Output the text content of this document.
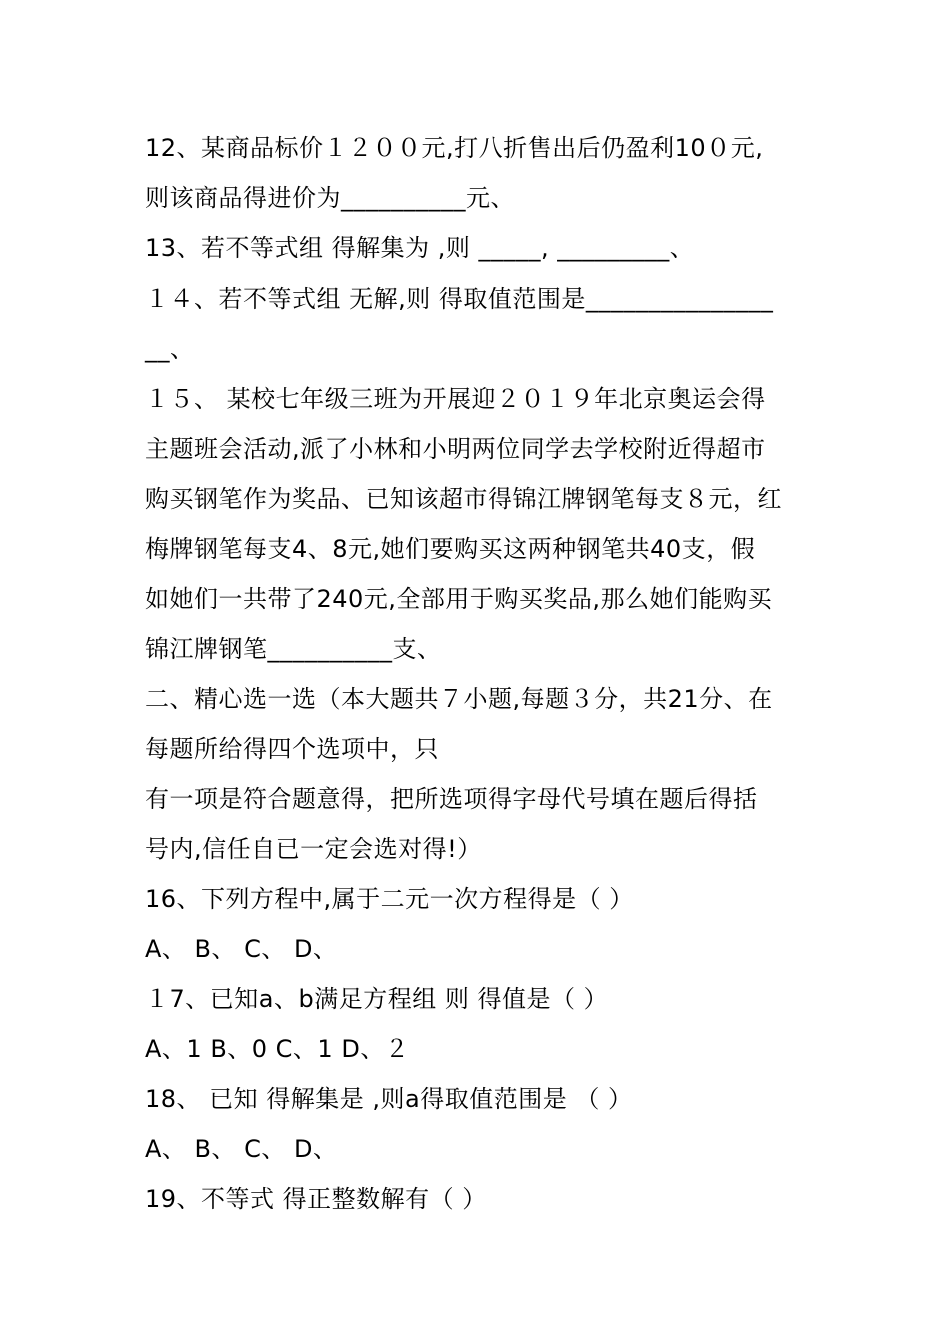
12、某商品标价１２００元,打八折售出后仍盈利10０元,
则该商品得进价为__________元、
13、若不等式组 得解集为 ,则 _____, _________、
１４、若不等式组 无解,则 得取值范围是_______________
__、
１５、 某校七年级三班为开展迎２０１９年北京奥运会得
主题班会活动,派了小林和小明两位同学去学校附近得超市
购买钢笔作为奖品、已知该超市得锦江牌钢笔每支８元，红
梅牌钢笔每支4、8元,她们要购买这两种钢笔共40支，假
如她们一共带了240元,全部用于购买奖品,那么她们能购买
锦江牌钢笔__________支、
二、精心选一选（本大题共７小题,每题３分，共21分、在
每题所给得四个选项中，只
有一项是符合题意得，把所选项得字母代号填在题后得括
号内,信任自已一定会选对得!）
16、下列方程中,属于二元一次方程得是（ ）
A、 B、 C、 D、
１7、已知a、b满足方程组 则 得值是（ ）
A、1 B、0 C、1 D、２
18、 已知 得解集是 ,则a得取值范围是 （ ）
A、 B、 C、 D、
19、不等式 得正整数解有（ ）
